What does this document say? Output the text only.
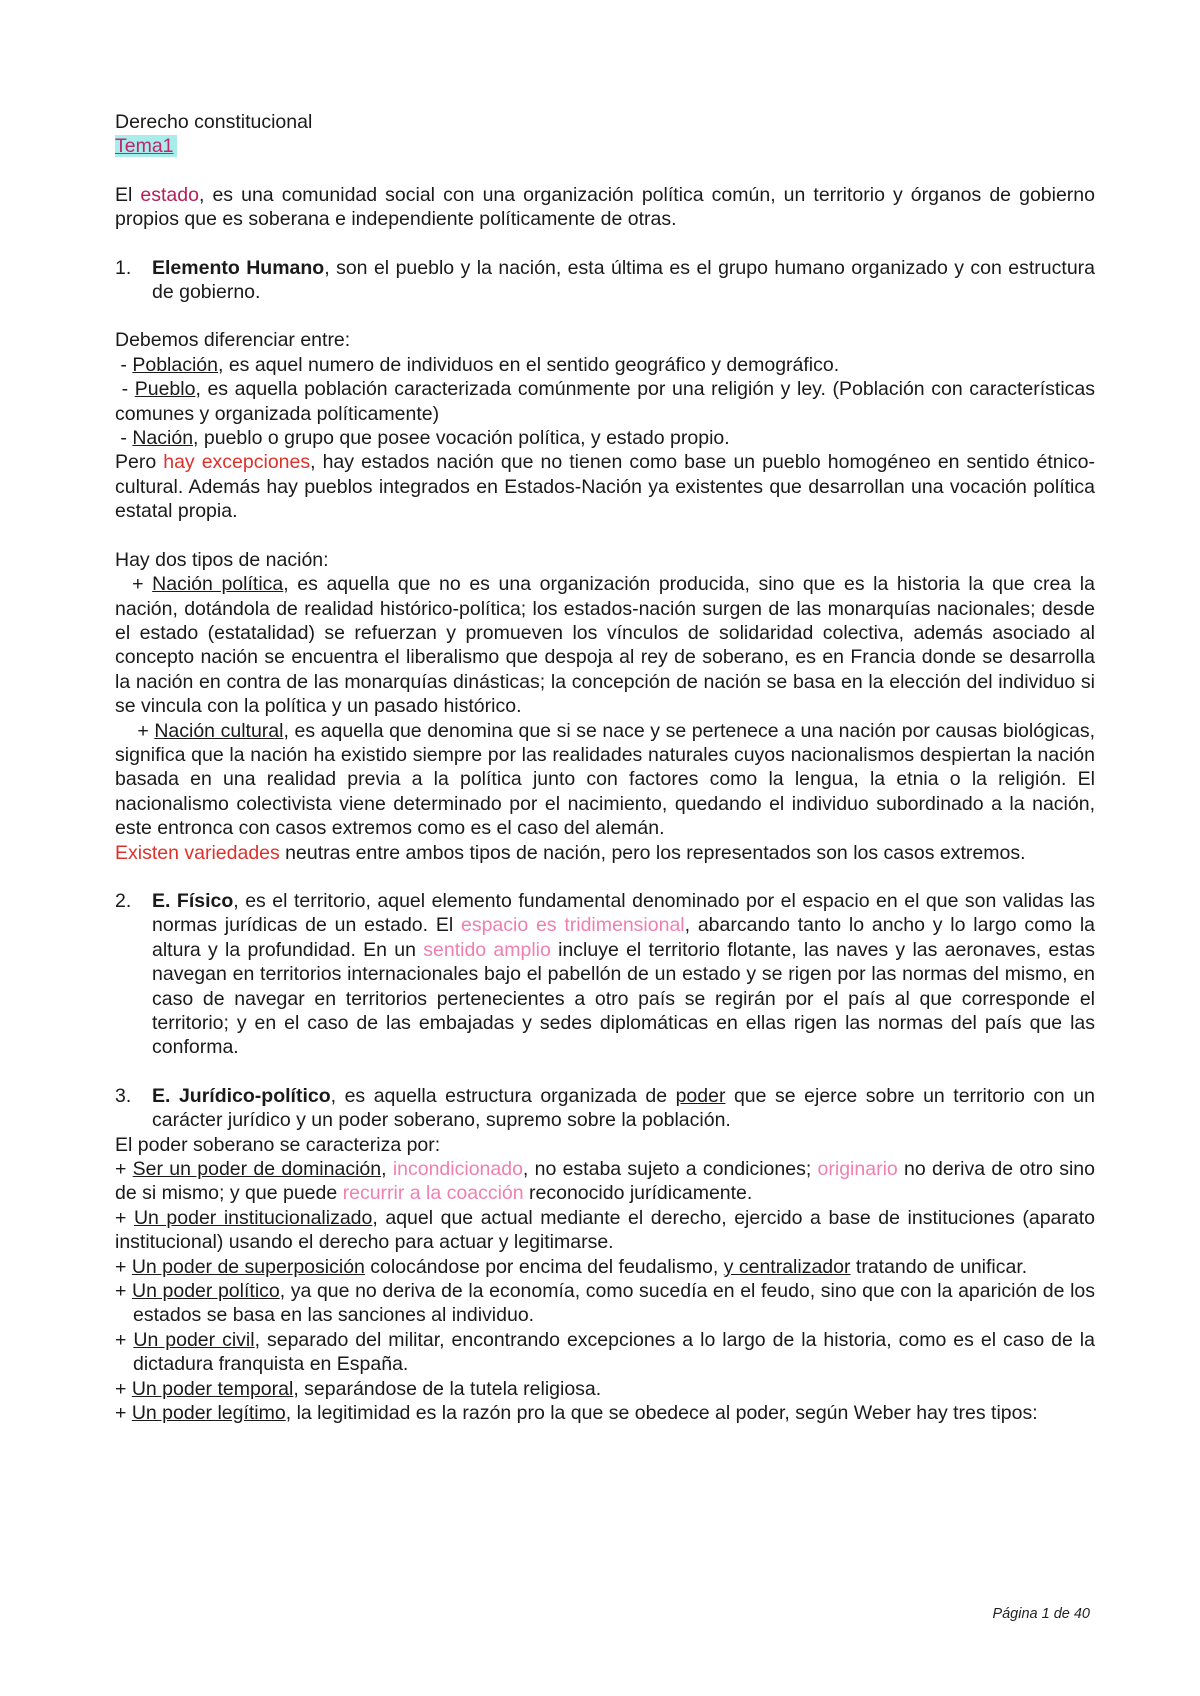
Derecho constitucional

Tema1

El estado, es una comunidad social con una organización política común, un territorio y órganos de gobierno propios que es soberana e independiente políticamente de otras.

1.	Elemento Humano, son el pueblo y la nación, esta última es el grupo humano organizado y con estructura de gobierno.

Debemos diferenciar entre:

- Población, es aquel numero de individuos en el sentido geográfico y demográfico.

- Pueblo, es aquella población caracterizada comúnmente por una religión y ley. (Población con características comunes y organizada políticamente)

- Nación, pueblo o grupo que posee vocación política, y estado propio.

Pero hay excepciones, hay estados nación que no tienen como base un pueblo homogéneo en sentido étnico-cultural. Además hay pueblos integrados en Estados-Nación ya existentes que desarrollan una vocación política estatal propia.

Hay dos tipos de nación:

+ Nación política, es aquella que no es una organización producida, sino que es la historia la que crea la nación, dotándola de realidad histórico-política; los estados-nación surgen de las monarquías nacionales; desde el estado (estatalidad) se refuerzan y promueven los vínculos de solidaridad colectiva, además asociado al concepto nación se encuentra el liberalismo que despoja al rey de soberano, es en Francia donde se desarrolla la nación en contra de las monarquías dinásticas; la concepción de nación se basa en la elección del individuo si se vincula con la política y un pasado histórico.

+ Nación cultural, es aquella que denomina que si se nace y se pertenece a una nación por causas biológicas, significa que la nación ha existido siempre por las realidades naturales cuyos nacionalismos despiertan la nación basada en una realidad previa a la política junto con factores como la lengua, la etnia o la religión. El nacionalismo colectivista viene determinado por el nacimiento, quedando el individuo subordinado a la nación, este entronca con casos extremos como es el caso del alemán.

Existen variedades neutras entre ambos tipos de nación, pero los representados son los casos extremos.

2.	E. Físico, es el territorio, aquel elemento fundamental denominado por el espacio en el que son validas las normas jurídicas de un estado. El espacio es tridimensional, abarcando tanto lo ancho y lo largo como la altura y la profundidad. En un sentido amplio incluye el territorio flotante, las naves y las aeronaves, estas navegan en territorios internacionales bajo el pabellón de un estado y se rigen por las normas del mismo, en caso de navegar en territorios pertenecientes a otro país se regirán por el país al que corresponde el territorio; y en el caso de las embajadas y sedes diplomáticas en ellas rigen las normas del país que las conforma.
3.	E. Jurídico-político, es aquella estructura organizada de poder que se ejerce sobre un territorio con un carácter jurídico y un poder soberano, supremo sobre la población.

El poder soberano se caracteriza por:

+ Ser un poder de dominación, incondicionado, no estaba sujeto a condiciones; originario no deriva de otro sino de si mismo; y que puede recurrir a la coacción reconocido jurídicamente.

+ Un poder institucionalizado, aquel que actual mediante el derecho, ejercido a base de instituciones (aparato institucional) usando el derecho para actuar y legitimarse.

+ Un poder de superposición colocándose por encima del feudalismo, y centralizador tratando de unificar.

+ Un poder político, ya que no deriva de la economía, como sucedía en el feudo, sino que con la aparición de los estados se basa en las sanciones al individuo.

+ Un poder civil, separado del militar, encontrando excepciones a lo largo de la historia, como es el caso de la dictadura franquista en España.

+ Un poder temporal, separándose de la tutela religiosa.

+ Un poder legítimo, la legitimidad es la razón pro la que se obedece al poder, según Weber hay tres tipos:

Página 1 de 40
